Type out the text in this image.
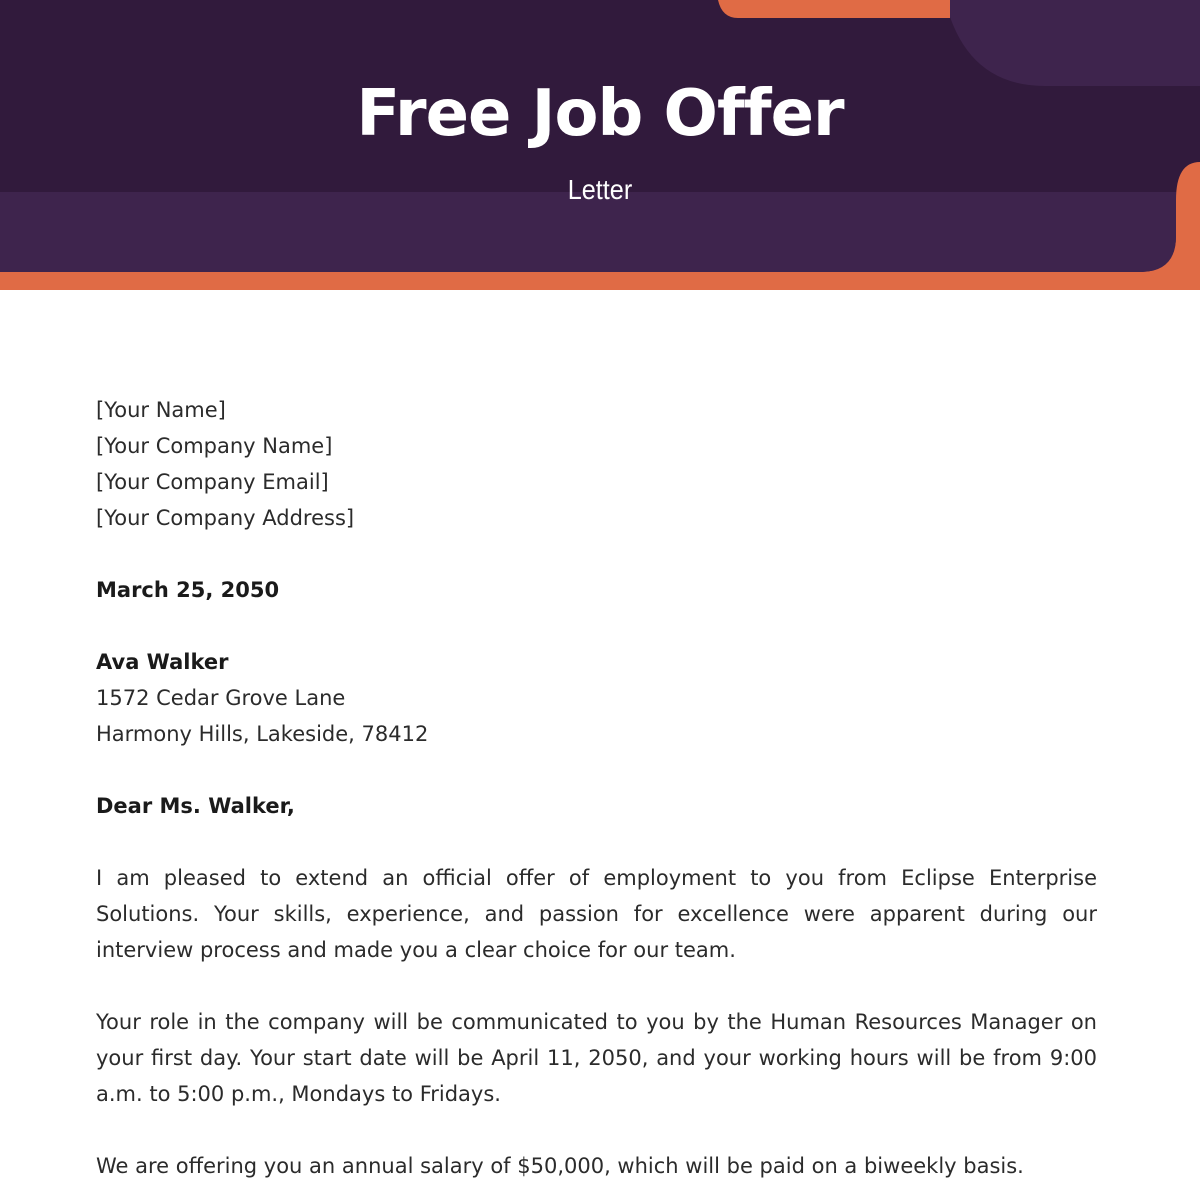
Free Job Offer
Letter
[Your Name]
[Your Company Name]
[Your Company Email]
[Your Company Address]
March 25, 2050
Ava Walker
1572 Cedar Grove Lane
Harmony Hills, Lakeside, 78412
Dear Ms. Walker,
I am pleased to extend an official offer of employment to you from Eclipse Enterprise Solutions. Your skills, experience, and passion for excellence were apparent during our interview process and made you a clear choice for our team.
Your role in the company will be communicated to you by the Human Resources Manager on your first day. Your start date will be April 11, 2050, and your working hours will be from 9:00 a.m. to 5:00 p.m., Mondays to Fridays.
We are offering you an annual salary of $50,000, which will be paid on a biweekly basis.
